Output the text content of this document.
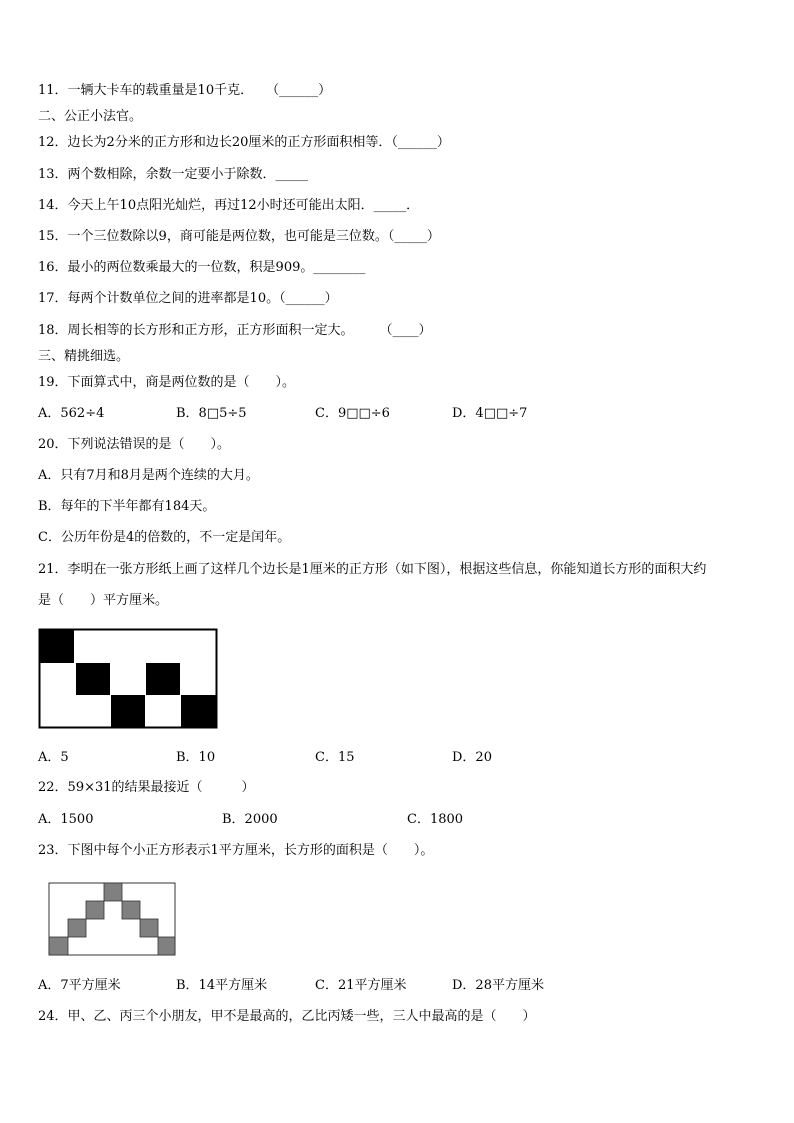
11．一辆大卡车的载重量是10千克．　　（______）
二、公正小法官。
12．边长为2分米的正方形和边长20厘米的正方形面积相等．（______）
13．两个数相除，余数一定要小于除数．_____
14．今天上午10点阳光灿烂，再过12小时还可能出太阳．_____．
15．一个三位数除以9，商可能是两位数，也可能是三位数。（_____）
16．最小的两位数乘最大的一位数，积是909。________
17．每两个计数单位之间的进率都是10。（______）
18．周长相等的长方形和正方形，正方形面积一定大。　　　（____）
三、精挑细选。
19．下面算式中，商是两位数的是（　　）。
A．562÷4	B．8□5÷5	C．9□□÷6	D．4□□÷7
20．下列说法错误的是（　　）。
A．只有7月和8月是两个连续的大月。
B．每年的下半年都有184天。
C．公历年份是4的倍数的，不一定是闰年。
21．李明在一张方形纸上画了这样几个边长是1厘米的正方形（如下图），根据这些信息，你能知道长方形的面积大约
是（　　）平方厘米。
A．5	B．10	C．15	D．20
22．59×31的结果最接近（　　　）
A．1500	B．2000	C．1800
23．下图中每个小正方形表示1平方厘米，长方形的面积是（　　）。
A．7平方厘米	B．14平方厘米	C．21平方厘米	D．28平方厘米
24．甲、乙、丙三个小朋友，甲不是最高的，乙比丙矮一些，三人中最高的是（　　）
